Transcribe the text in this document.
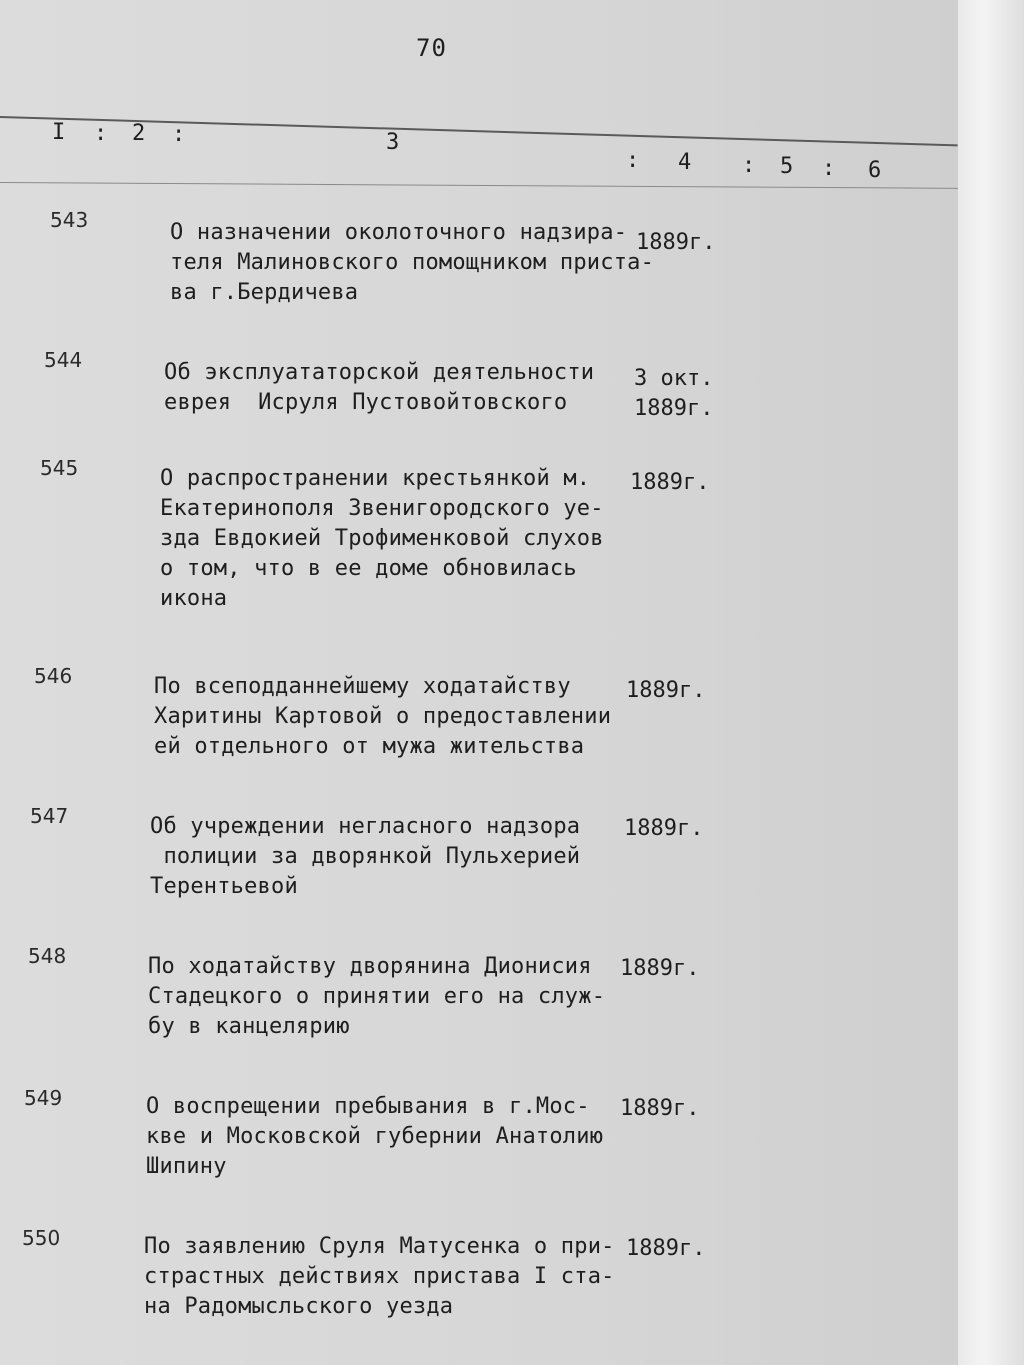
70
I : 2 :	3
: 4 : 5 : 6
543	О назначении околоточного надзира-
теля Малиновского помощником приста-
ва г.Бердичева
1889г.
544	Об эксплуататорской деятельности
еврея  Исруля Пустовойтовского
3 окт.
1889г.
545	О распространении крестьянкой м.
Екатеринополя Звенигородского уе-
зда Евдокией Трофименковой слухов
о том, что в ее доме обновилась
икона
1889г.
546	По всеподданнейшему ходатайству
Харитины Картовой о предоставлении
ей отдельного от мужа жительства
1889г.
547	Об учреждении негласного надзора
полиции за дворянкой Пульхерией
Терентьевой
1889г.
548	По ходатайству дворянина Дионисия
Стадецкого о принятии его на служ-
бу в канцелярию
1889г.
549	О воспрещении пребывания в г.Мос-
кве и Московской губернии Анатолию
Шипину
1889г.
550	По заявлению Сруля Матусенка о при-
страстных действиях пристава I ста-
на Радомысльского уезда
1889г.
